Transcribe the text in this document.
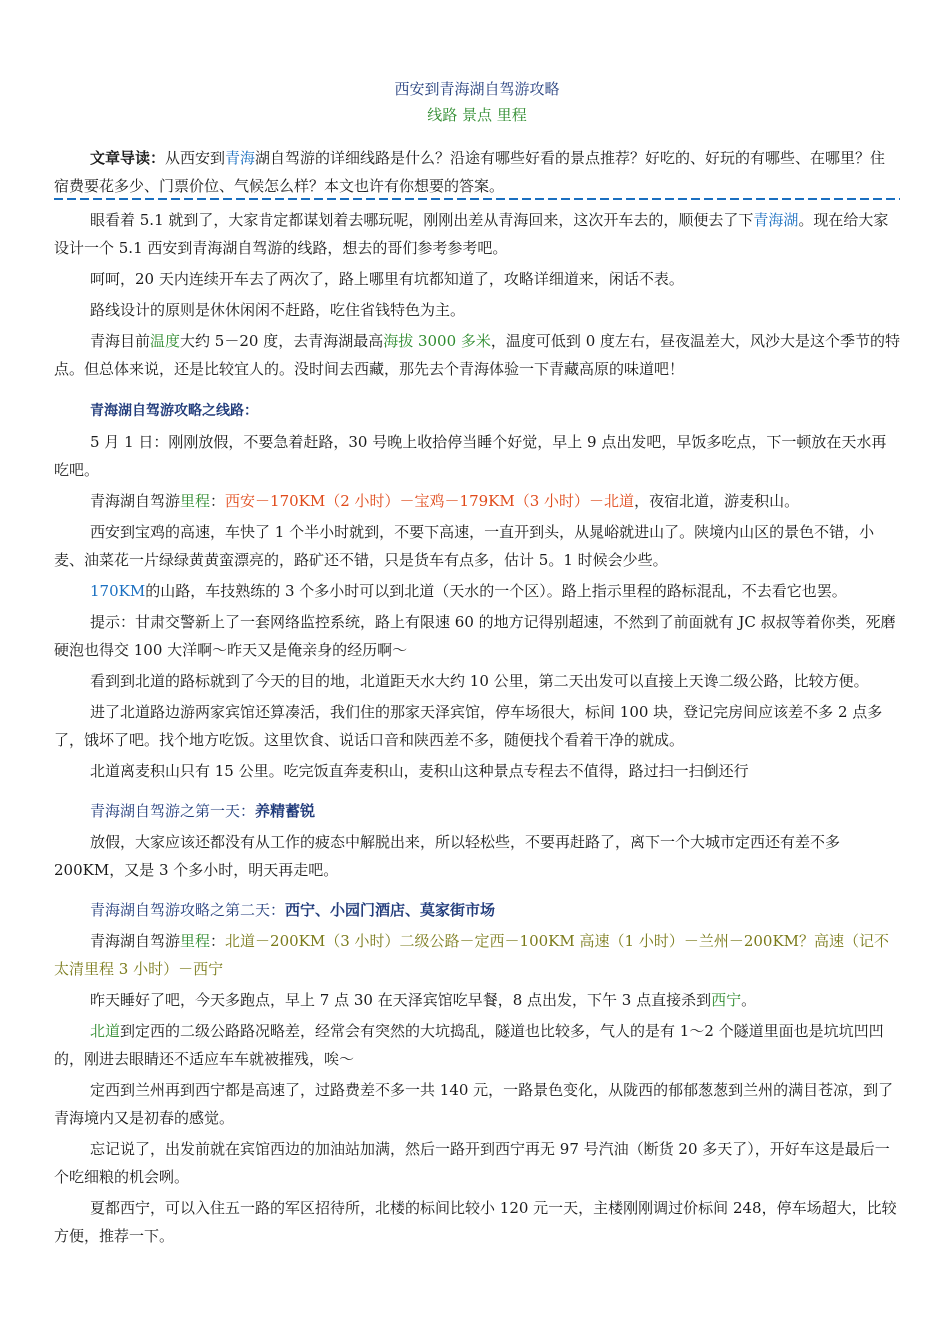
西安到青海湖自驾游攻略
线路 景点 里程

文章导读：从西安到青海湖自驾游的详细线路是什么？沿途有哪些好看的景点推荐？好吃的、好玩的有哪些、在哪里？住宿费要花多少、门票价位、气候怎么样？本文也许有你想要的答案。

眼看着 5.1 就到了，大家肯定都谋划着去哪玩呢，刚刚出差从青海回来，这次开车去的，顺便去了下青海湖。现在给大家设计一个 5.1 西安到青海湖自驾游的线路，想去的哥们参考参考吧。

呵呵，20 天内连续开车去了两次了，路上哪里有坑都知道了，攻略详细道来，闲话不表。

路线设计的原则是休休闲闲不赶路，吃住省钱特色为主。

青海目前温度大约 5－20 度，去青海湖最高海拔 3000 多米，温度可低到 0 度左右，昼夜温差大，风沙大是这个季节的特点。但总体来说，还是比较宜人的。没时间去西藏，那先去个青海体验一下青藏高原的味道吧！

青海湖自驾游攻略之线路：

5 月 1 日：刚刚放假，不要急着赶路，30 号晚上收拾停当睡个好觉，早上 9 点出发吧，早饭多吃点，下一顿放在天水再吃吧。

青海湖自驾游里程：西安－170KM（2 小时）－宝鸡－179KM（3 小时）－北道，夜宿北道，游麦积山。

西安到宝鸡的高速，车快了 1 个半小时就到，不要下高速，一直开到头，从晁峪就进山了。陕境内山区的景色不错，小麦、油菜花一片绿绿黄黄蛮漂亮的，路矿还不错，只是货车有点多，估计 5。1 时候会少些。

170KM的山路，车技熟练的 3 个多小时可以到北道（天水的一个区）。路上指示里程的路标混乱，不去看它也罢。

提示：甘肃交警新上了一套网络监控系统，路上有限速 60 的地方记得别超速，不然到了前面就有 JC 叔叔等着你类，死磨硬泡也得交 100 大洋啊～昨天又是俺亲身的经历啊～

看到到北道的路标就到了今天的目的地，北道距天水大约 10 公里，第二天出发可以直接上天谗二级公路，比较方便。

进了北道路边游两家宾馆还算凑活，我们住的那家天泽宾馆，停车场很大，标间 100 块，登记完房间应该差不多 2 点多了，饿坏了吧。找个地方吃饭。这里饮食、说话口音和陕西差不多，随便找个看着干净的就成。

北道离麦积山只有 15 公里。吃完饭直奔麦积山，麦积山这种景点专程去不值得，路过扫一扫倒还行

青海湖自驾游之第一天：养精蓄锐

放假，大家应该还都没有从工作的疲态中解脱出来，所以轻松些，不要再赶路了，离下一个大城市定西还有差不多 200KM，又是 3 个多小时，明天再走吧。

青海湖自驾游攻略之第二天：西宁、小园门酒店、莫家街市场

青海湖自驾游里程：北道－200KM（3 小时）二级公路－定西－100KM 高速（1 小时）－兰州－200KM？高速（记不太清里程 3 小时）－西宁

昨天睡好了吧，今天多跑点，早上 7 点 30 在天泽宾馆吃早餐，8 点出发，下午 3 点直接杀到西宁。

北道到定西的二级公路路况略差，经常会有突然的大坑捣乱，隧道也比较多，气人的是有 1～2 个隧道里面也是坑坑凹凹的，刚进去眼睛还不适应车车就被摧残，唉～

定西到兰州再到西宁都是高速了，过路费差不多一共 140 元，一路景色变化，从陇西的郁郁葱葱到兰州的满目苍凉，到了青海境内又是初春的感觉。

忘记说了，出发前就在宾馆西边的加油站加满，然后一路开到西宁再无 97 号汽油（断货 20 多天了），开好车这是最后一个吃细粮的机会咧。

夏都西宁，可以入住五一路的军区招待所，北楼的标间比较小 120 元一天，主楼刚刚调过价标间 248，停车场超大，比较方便，推荐一下。
